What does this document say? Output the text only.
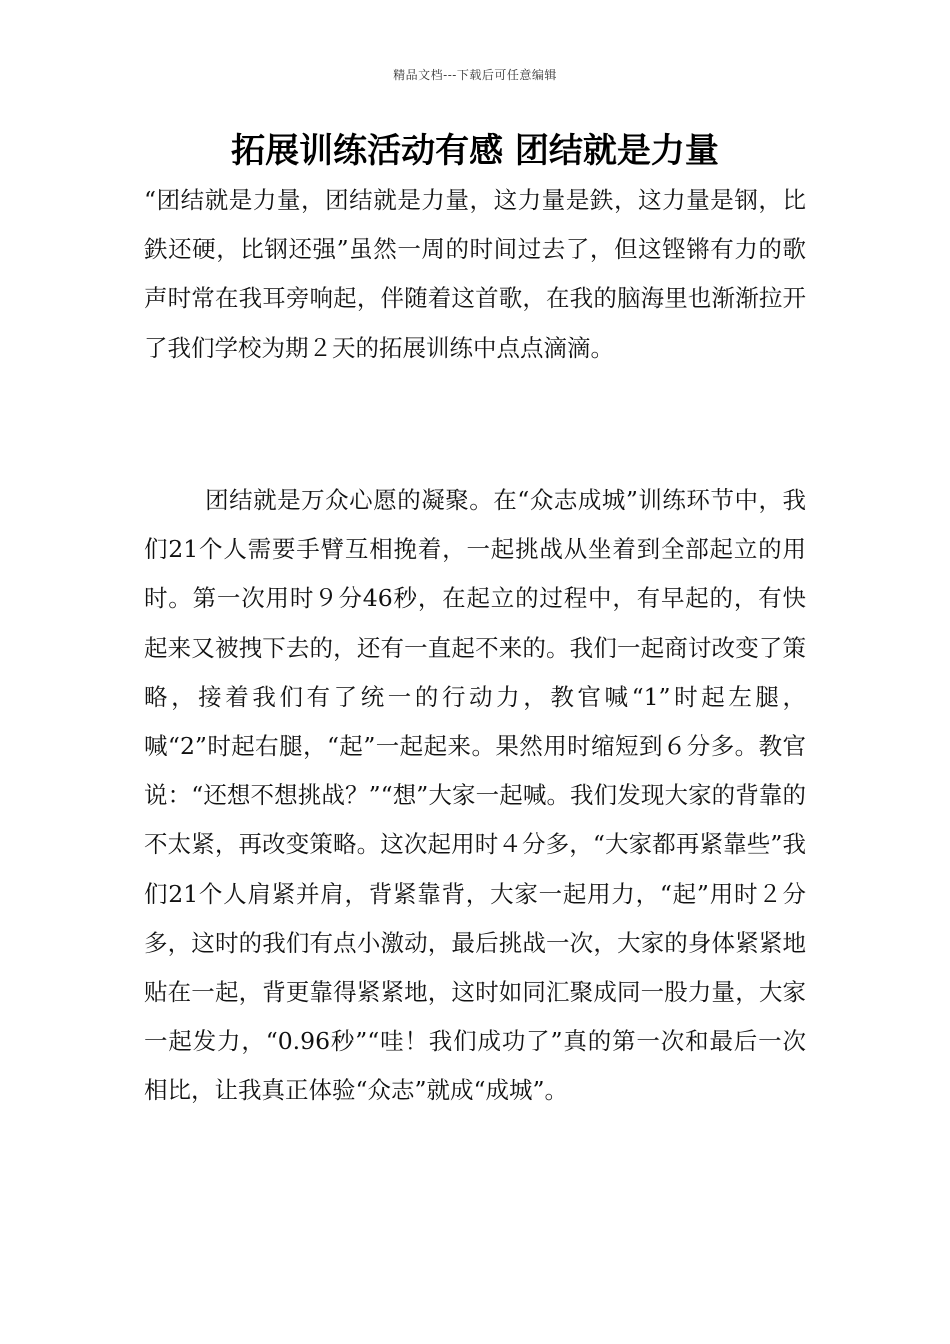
精品文档---下载后可任意编辑
拓展训练活动有感 团结就是力量

“团结就是力量，团结就是力量，这力量是鉄，这力量是钢，比鉄还硬，比钢还强”虽然一周的时间过去了，但这铿锵有力的歌声时常在我耳旁响起，伴随着这首歌，在我的脑海里也渐渐拉开了我们学校为期２天的拓展训练中点点滴滴。

团结就是万众心愿的凝聚。在“众志成城”训练环节中，我们21个人需要手臂互相挽着，一起挑战从坐着到全部起立的用时。第一次用时９分46秒，在起立的过程中，有早起的，有快起来又被拽下去的，还有一直起不来的。我们一起商讨改变了策略，接着我们有了统一的行动力，教官喊“1”时起左腿，喊“2”时起右腿，“起”一起起来。果然用时缩短到６分多。教官说：“还想不想挑战？”“想”大家一起喊。我们发现大家的背靠的不太紧，再改变策略。这次起用时４分多，“大家都再紧靠些”我们21个人肩紧并肩，背紧靠背，大家一起用力，“起”用时２分多，这时的我们有点小激动，最后挑战一次，大家的身体紧紧地贴在一起，背更靠得紧紧地，这时如同汇聚成同一股力量，大家一起发力，“0.96秒”“哇！我们成功了”真的第一次和最后一次相比，让我真正体验“众志”就成“成城”。
